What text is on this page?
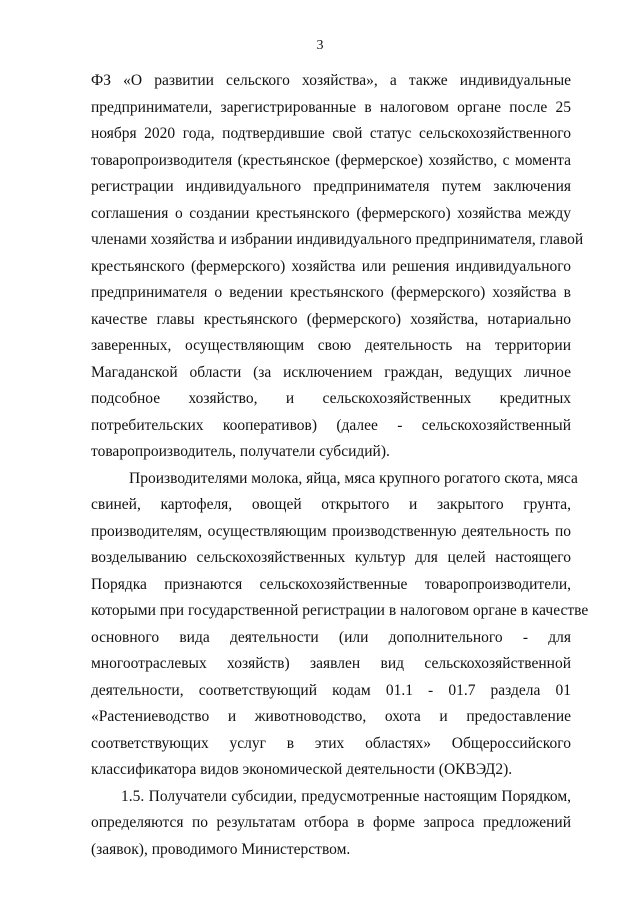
3
ФЗ «О развитии сельского хозяйства», а также индивидуальные
предприниматели, зарегистрированные в налоговом органе после 25
ноября 2020 года, подтвердившие свой статус сельскохозяйственного
товаропроизводителя (крестьянское (фермерское) хозяйство, с момента
регистрации индивидуального предпринимателя путем заключения
соглашения о создании крестьянского (фермерского) хозяйства между
членами хозяйства и избрании индивидуального предпринимателя, главой
крестьянского (фермерского) хозяйства или решения индивидуального
предпринимателя о ведении крестьянского (фермерского) хозяйства в
качестве главы крестьянского (фермерского) хозяйства, нотариально
заверенных, осуществляющим свою деятельность на территории
Магаданской области (за исключением граждан, ведущих личное
подсобное хозяйство, и сельскохозяйственных кредитных
потребительских кооперативов) (далее - сельскохозяйственный
товаропроизводитель, получатели субсидий).
Производителями молока, яйца, мяса крупного рогатого скота, мяса
свиней, картофеля, овощей открытого и закрытого грунта,
производителям, осуществляющим производственную деятельность по
возделыванию сельскохозяйственных культур для целей настоящего
Порядка признаются сельскохозяйственные товаропроизводители,
которыми при государственной регистрации в налоговом органе в качестве
основного вида деятельности (или дополнительного - для
многоотраслевых хозяйств) заявлен вид сельскохозяйственной
деятельности, соответствующий кодам 01.1 - 01.7 раздела 01
«Растениеводство и животноводство, охота и предоставление
соответствующих услуг в этих областях» Общероссийского
классификатора видов экономической деятельности (ОКВЭД2).
1.5. Получатели субсидии, предусмотренные настоящим Порядком,
определяются по результатам отбора в форме запроса предложений
(заявок), проводимого Министерством.
